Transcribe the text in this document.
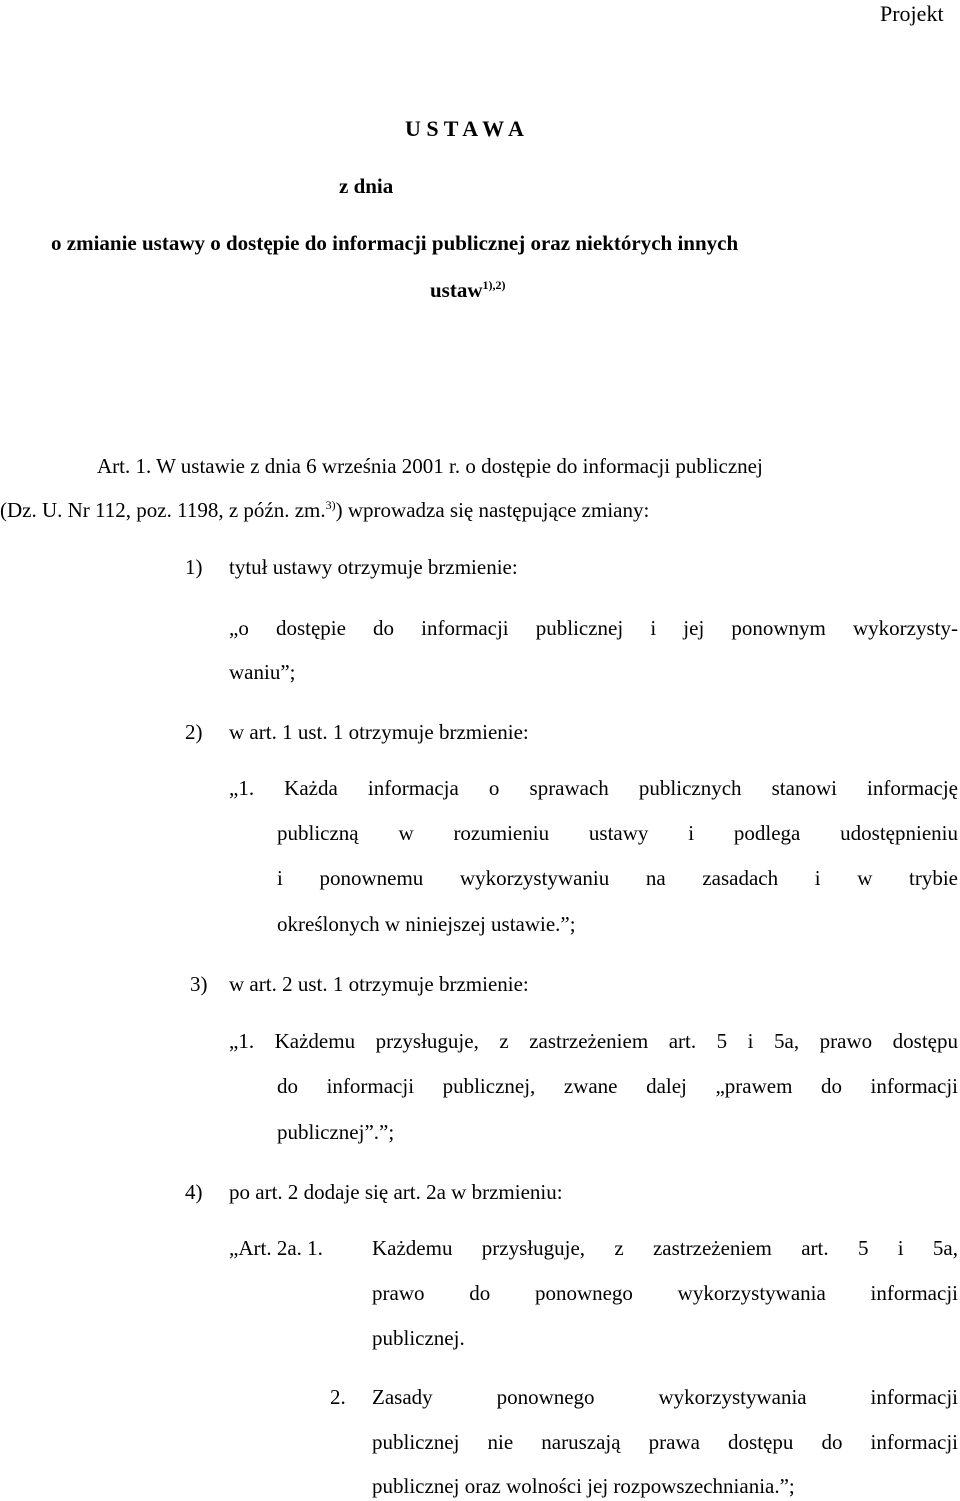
Projekt
U S T A W A
z dnia
o zmianie ustawy o dostępie do informacji publicznej oraz niektórych innych
ustaw$^{1),2)}$
Art. 1. W ustawie z dnia 6 września 2001 r. o dostępie do informacji publicznej
(Dz. U. Nr 112, poz. 1198, z późn. zm.$^{3)}$) wprowadza się następujące zmiany:
1) tytuł ustawy otrzymuje brzmienie:
„o dostępie do informacji publicznej i jej ponownym wykorzysty-
waniu”;
2) w art. 1 ust. 1 otrzymuje brzmienie:
„1. Każda informacja o sprawach publicznych stanowi informację
publiczną w rozumieniu ustawy i podlega udostępnieniu
i ponownemu wykorzystywaniu na zasadach i w trybie
określonych w niniejszej ustawie.”;
3) w art. 2 ust. 1 otrzymuje brzmienie:
„1. Każdemu przysługuje, z zastrzeżeniem art. 5 i 5a, prawo dostępu
do informacji publicznej, zwane dalej „prawem do informacji
publicznej”.”;
4) po art. 2 dodaje się art. 2a w brzmieniu:
„Art. 2a. 1. Każdemu przysługuje, z zastrzeżeniem art. 5 i 5a,
prawo do ponownego wykorzystywania informacji
publicznej.
2. Zasady ponownego wykorzystywania informacji
publicznej nie naruszają prawa dostępu do informacji
publicznej oraz wolności jej rozpowszechniania.”;
